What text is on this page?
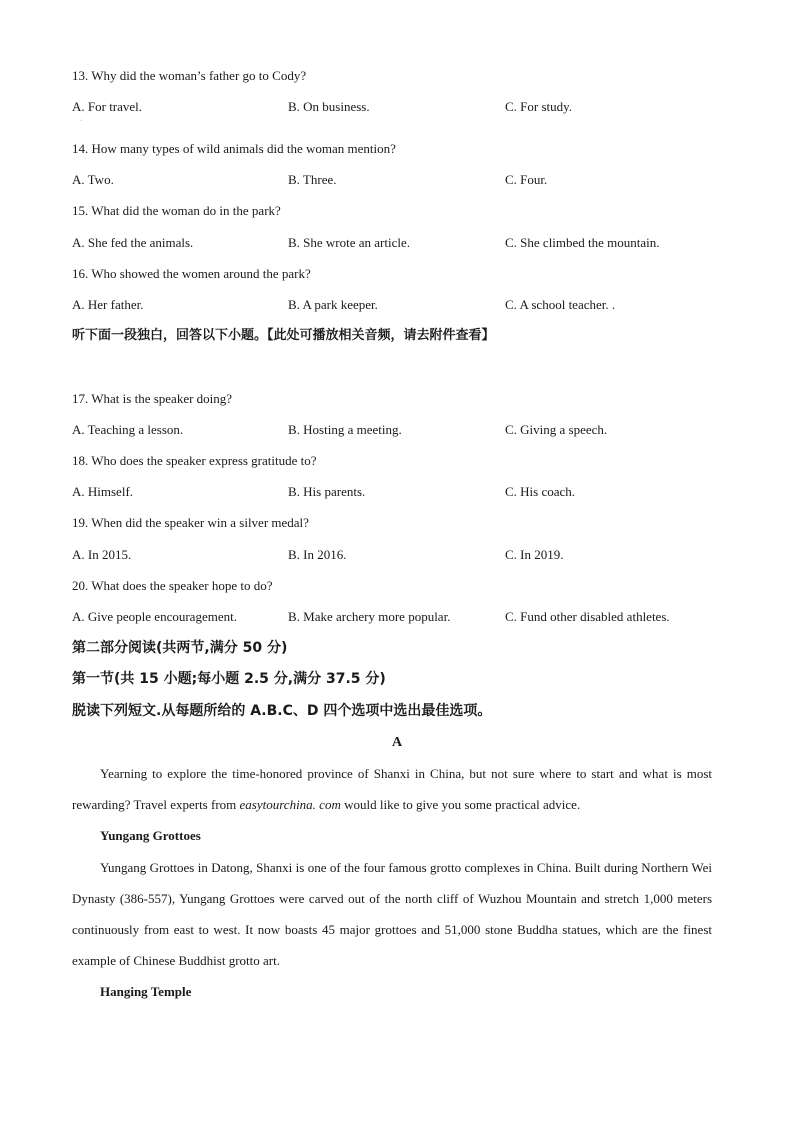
13. Why did the woman’s father go to Cody?
A. For travel.	B. On business.	C. For study.
·
14. How many types of wild animals did the woman mention?
A. Two.	B. Three.	C. Four.
15. What did the woman do in the park?
A. She fed the animals.	B. She wrote an article.	C. She climbed the mountain.
16. Who showed the women around the park?
A. Her father.	B. A park keeper.	C. A school teacher. .
听下面一段独白，回答以下小题。【此处可播放相关音频，请去附件查看】
17. What is the speaker doing?
A. Teaching a lesson.	B. Hosting a meeting.	C. Giving a speech.
18. Who does the speaker express gratitude to?
A. Himself.	B. His parents.	C. His coach.
19. When did the speaker win a silver medal?
A. In 2015.	B. In 2016.	C. In 2019.
20. What does the speaker hope to do?
A. Give people encouragement.	B. Make archery more popular.	C. Fund other disabled athletes.
第二部分阅读(共两节,满分 50 分)
第一节(共 15 小题;每小题 2.5 分,满分 37.5 分)
脱读下列短文.从每题所给的 A.B.C、D 四个选项中选出最佳选项。
A
Yearning to explore the time-honored province of Shanxi in China, but not sure where to start and what is most rewarding? Travel experts from easytourchina. com would like to give you some practical advice.
Yungang Grottoes
Yungang Grottoes in Datong, Shanxi is one of the four famous grotto complexes in China. Built during Northern Wei Dynasty (386-557), Yungang Grottoes were carved out of the north cliff of Wuzhou Mountain and stretch 1,000 meters continuously from east to west. It now boasts 45 major grottoes and 51,000 stone Buddha statues, which are the finest example of Chinese Buddhist grotto art.
Hanging Temple
